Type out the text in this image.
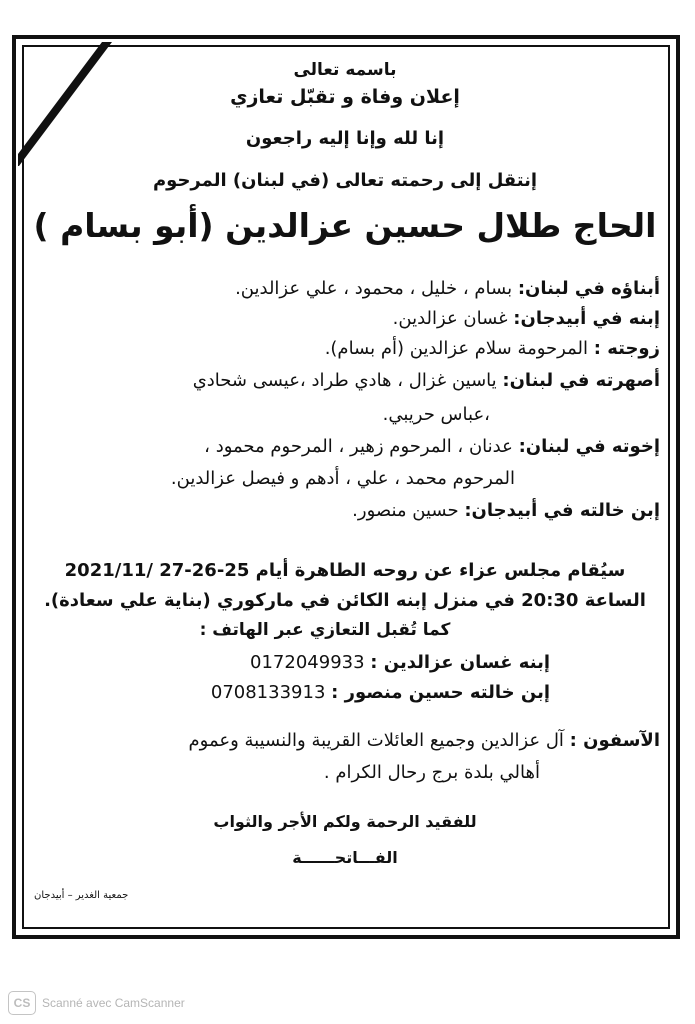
باسمه تعالى
إعلان وفاة و تقبّل تعازي
إنا لله وإنا إليه راجعون
إنتقل إلى رحمته تعالى (في لبنان) المرحوم
الحاج طلال حسين عزالدين (أبو بسام )
أبناؤه في لبنان: بسام ، خليل ، محمود ، علي عزالدين.
إبنه في أبيدجان: غسان عزالدين.
زوجته : المرحومة سلام عزالدين (أم بسام).
أصهرته في لبنان: ياسين غزال ، هادي طراد ،عيسى شحادي
،عباس حريبي.
إخوته في لبنان: عدنان ، المرحوم زهير ، المرحوم محمود ،
المرحوم محمد ، علي ، أدهم و فيصل عزالدين.
إبن خالته في أبيدجان: حسين منصور.
سيُقام مجلس عزاء عن روحه الطاهرة أيام 25-26-27 /2021/11
الساعة 20:30 في منزل إبنه الكائن في ماركوري (بناية علي سعادة).
كما تُقبل التعازي عبر الهاتف :
إبنه غسان عزالدين : 0172049933
إبن خالته حسين منصور : 0708133913
الآسفون : آل عزالدين وجميع العائلات القريبة والنسيبة وعموم
أهالي بلدة برج رحال الكرام .
للفقيد الرحمة ولكم الأجر والثواب
الفـــاتحــــــة
جمعية الغدير – أبيدجان
CS Scanné avec CamScanner
